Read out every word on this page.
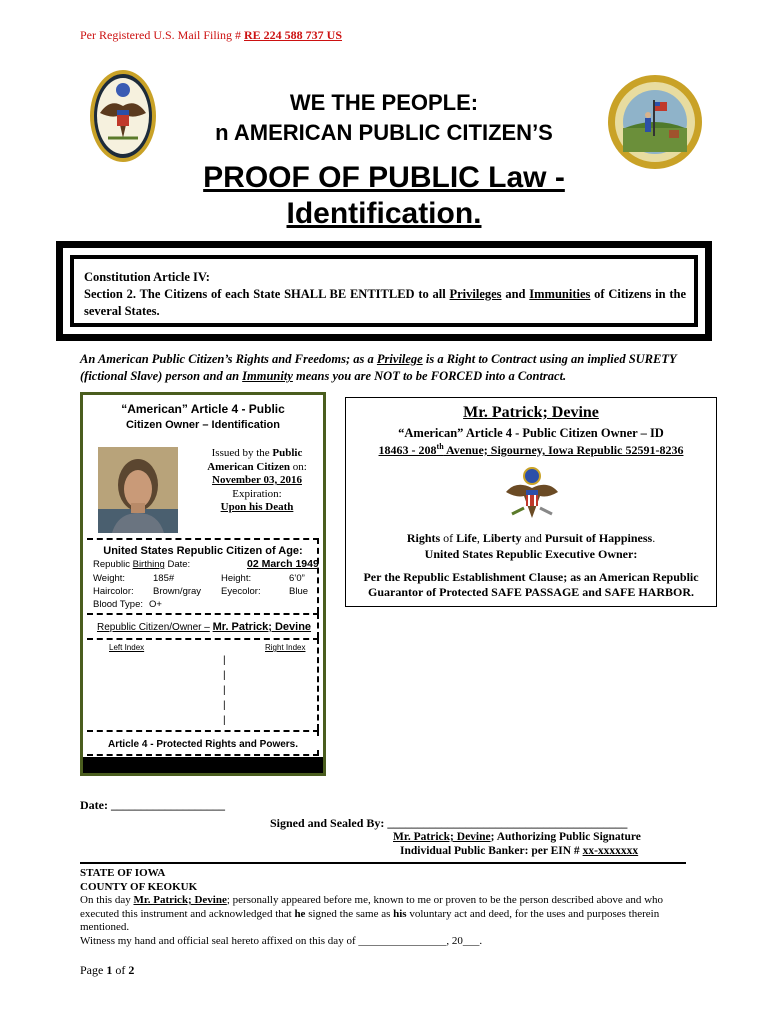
Per Registered U.S. Mail Filing # RE 224 588 737 US
WE THE PEOPLE:
n AMERICAN PUBLIC CITIZEN’S
PROOF OF PUBLIC Law -
Identification.
Constitution Article IV:
Section 2. The Citizens of each State SHALL BE ENTITLED to all Privileges and Immunities of Citizens in the several States.
An American Public Citizen’s Rights and Freedoms; as a Privilege is a Right to Contract using an implied SURETY (fictional Slave) person and an Immunity means you are NOT to be FORCED into a Contract.
“American” Article 4 - Public
Citizen Owner – Identification
Issued by the Public
American Citizen on:
November 03, 2016
Expiration:
Upon his Death
United States Republic Citizen of Age:
Republic Birthing Date:	02 March 1949
Weight:	185#	Height:	6’0”
Haircolor: Brown/gray Eyecolor:	Blue
Blood Type: O+
Republic Citizen/Owner – Mr. Patrick; Devine
Left Index	Right Index
|
|
|
|
|
Article 4 - Protected Rights and Powers.
Mr. Patrick; Devine
“American” Article 4 - Public Citizen Owner – ID
18463 - 208th Avenue; Sigourney, Iowa Republic 52591-8236
Rights of Life, Liberty and Pursuit of Happiness.
United States Republic Executive Owner:
Per the Republic Establishment Clause; as an American Republic
Guarantor of Protected SAFE PASSAGE and SAFE HARBOR.
Date: ___________________
Signed and Sealed By: ________________________________________
Mr. Patrick; Devine; Authorizing Public Signature
Individual Public Banker: per EIN # xx-xxxxxxx
STATE OF IOWA
COUNTY OF KEOKUK
On this day Mr. Patrick; Devine; personally appeared before me, known to me or proven to be the person described above and who executed this instrument and acknowledged that he signed the same as his voluntary act and deed, for the uses and purposes therein mentioned.
Witness my hand and official seal hereto affixed on this day of ________________, 20___.
Page 1 of 2
